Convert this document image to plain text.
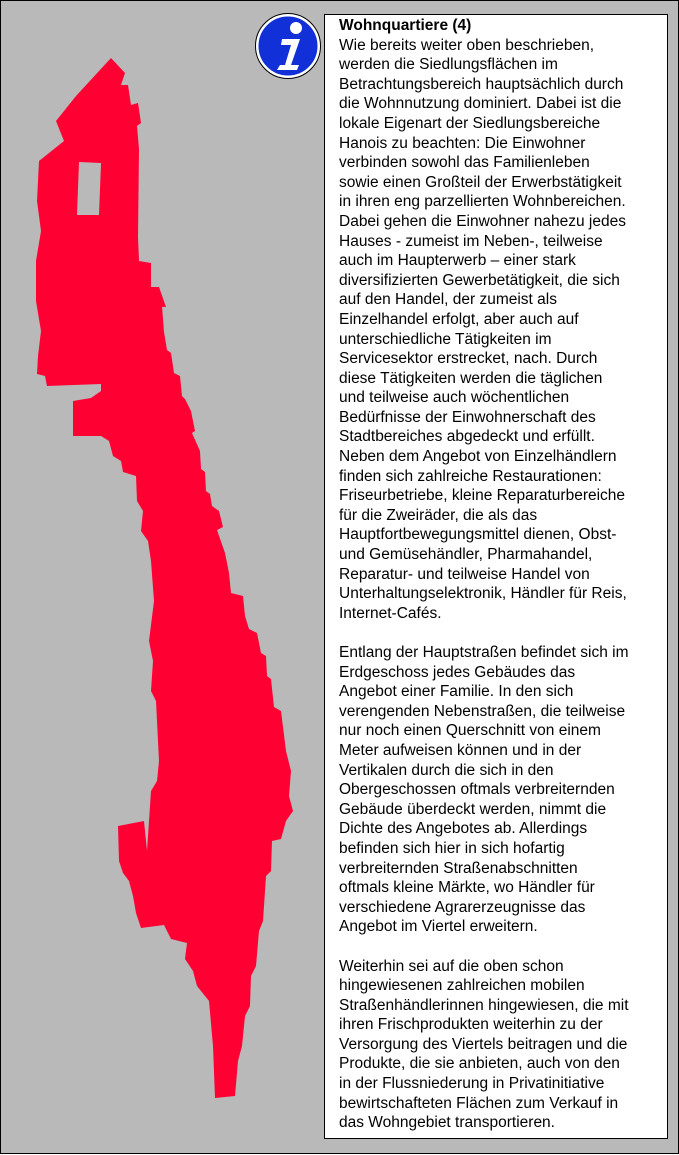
Wohnquartiere (4)
Wie bereits weiter oben beschrieben,
werden die Siedlungsflächen im
Betrachtungsbereich hauptsächlich durch
die Wohnnutzung dominiert. Dabei ist die
lokale Eigenart der Siedlungsbereiche
Hanois zu beachten: Die Einwohner
verbinden sowohl das Familienleben
sowie einen Großteil der Erwerbstätigkeit
in ihren eng parzellierten Wohnbereichen.
Dabei gehen die Einwohner nahezu jedes
Hauses - zumeist im Neben-, teilweise
auch im Haupterwerb – einer stark
diversifizierten Gewerbetätigkeit, die sich
auf den Handel, der zumeist als
Einzelhandel erfolgt, aber auch auf
unterschiedliche Tätigkeiten im
Servicesektor erstrecket, nach. Durch
diese Tätigkeiten werden die täglichen
und teilweise auch wöchentlichen
Bedürfnisse der Einwohnerschaft des
Stadtbereiches abgedeckt und erfüllt.
Neben dem Angebot von Einzelhändlern
finden sich zahlreiche Restaurationen:
Friseurbetriebe, kleine Reparaturbereiche
für die Zweiräder, die als das
Hauptfortbewegungsmittel dienen, Obst-
und Gemüsehändler, Pharmahandel,
Reparatur- und teilweise Handel von
Unterhaltungselektronik, Händler für Reis,
Internet-Cafés.
Entlang der Hauptstraßen befindet sich im
Erdgeschoss jedes Gebäudes das
Angebot einer Familie. In den sich
verengenden Nebenstraßen, die teilweise
nur noch einen Querschnitt von einem
Meter aufweisen können und in der
Vertikalen durch die sich in den
Obergeschossen oftmals verbreiternden
Gebäude überdeckt werden, nimmt die
Dichte des Angebotes ab. Allerdings
befinden sich hier in sich hofartig
verbreiternden Straßenabschnitten
oftmals kleine Märkte, wo Händler für
verschiedene Agrarerzeugnisse das
Angebot im Viertel erweitern.
Weiterhin sei auf die oben schon
hingewiesenen zahlreichen mobilen
Straßenhändlerinnen hingewiesen, die mit
ihren Frischprodukten weiterhin zu der
Versorgung des Viertels beitragen und die
Produkte, die sie anbieten, auch von den
in der Flussniederung in Privatinitiative
bewirtschafteten Flächen zum Verkauf in
das Wohngebiet transportieren.
